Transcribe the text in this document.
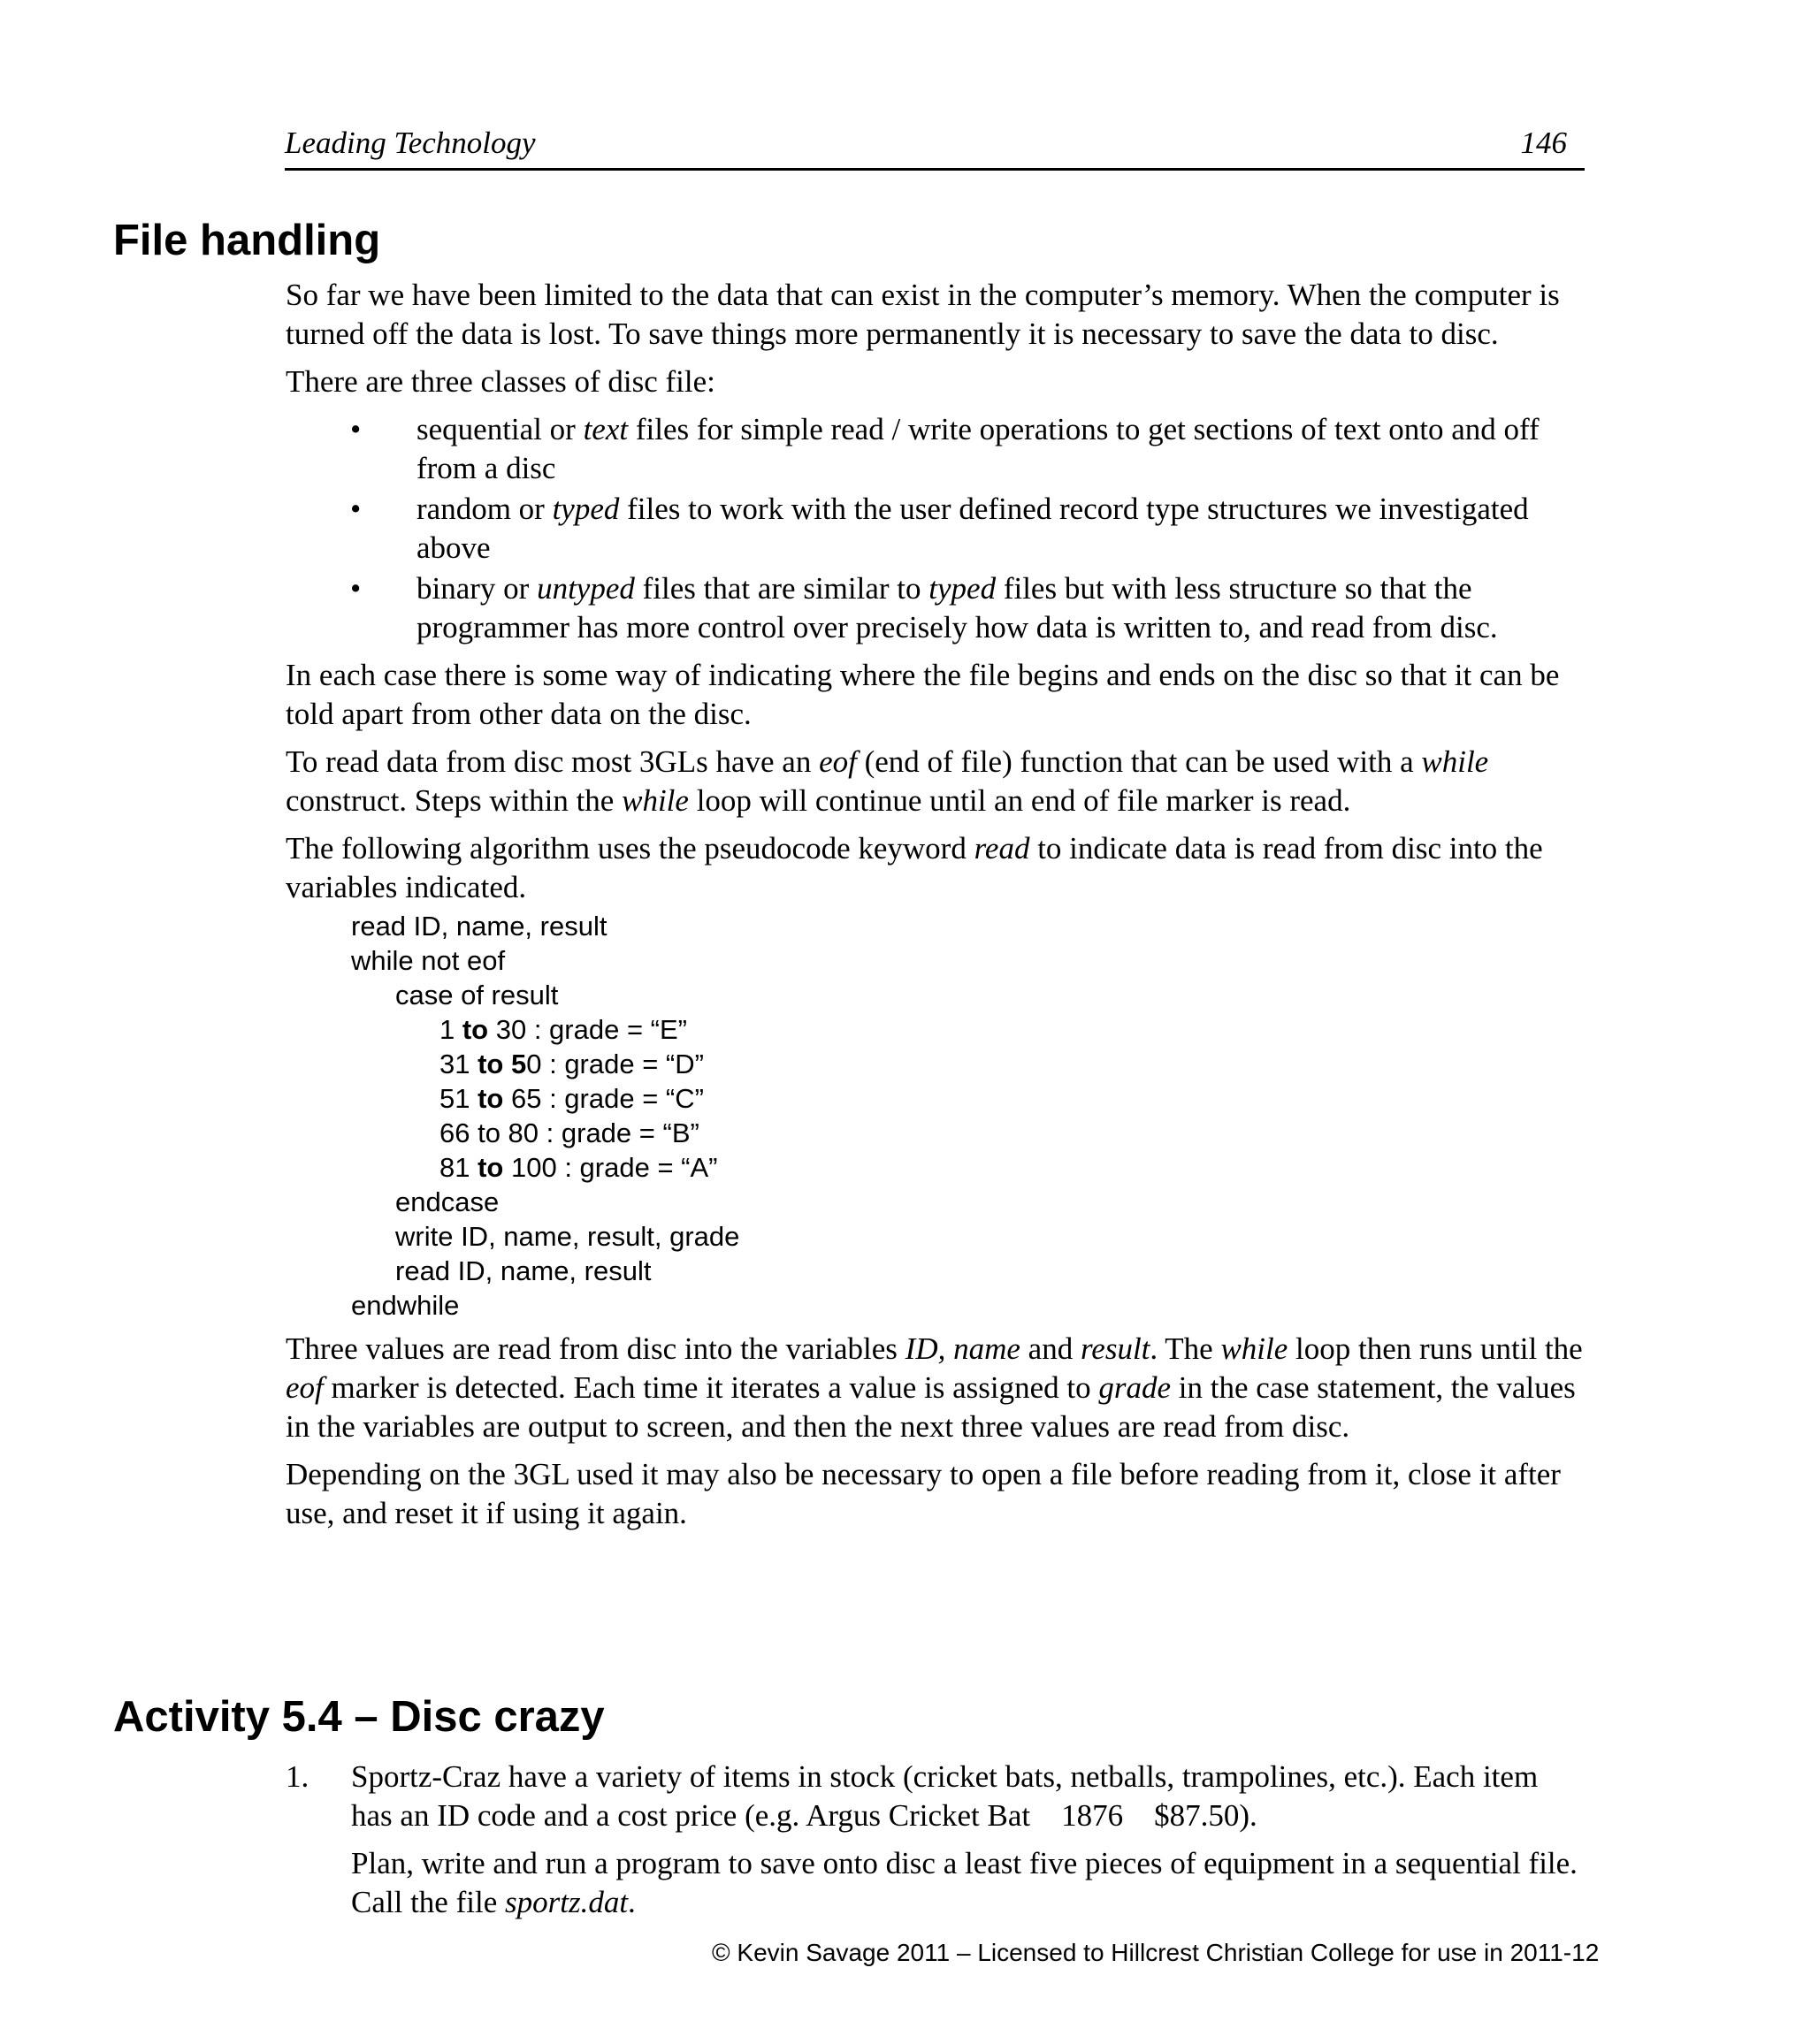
Leading Technology	146
File handling

So far we have been limited to the data that can exist in the computer’s memory. When the computer is turned off the data is lost. To save things more permanently it is necessary to save the data to disc.

There are three classes of disc file:

• sequential or text files for simple read / write operations to get sections of text onto and off from a disc
• random or typed files to work with the user defined record type structures we investigated above
• binary or untyped files that are similar to typed files but with less structure so that the programmer has more control over precisely how data is written to, and read from disc.

In each case there is some way of indicating where the file begins and ends on the disc so that it can be told apart from other data on the disc.

To read data from disc most 3GLs have an eof (end of file) function that can be used with a while construct. Steps within the while loop will continue until an end of file marker is read.

The following algorithm uses the pseudocode keyword read to indicate data is read from disc into the variables indicated.

read ID, name, result
while not eof
case of result
1 to 30 : grade = “E”
31 to 50 : grade = “D”
51 to 65 : grade = “C”
66 to 80 : grade = “B”
81 to 100 : grade = “A”
endcase
write ID, name, result, grade
read ID, name, result
endwhile

Three values are read from disc into the variables ID, name and result. The while loop then runs until the eof marker is detected. Each time it iterates a value is assigned to grade in the case statement, the values in the variables are output to screen, and then the next three values are read from disc.

Depending on the 3GL used it may also be necessary to open a file before reading from it, close it after use, and reset it if using it again.

Activity 5.4 – Disc crazy
1. Sportz-Craz have a variety of items in stock (cricket bats, netballs, trampolines, etc.). Each item has an ID code and a cost price (e.g. Argus Cricket Bat    1876    $87.50).

Plan, write and run a program to save onto disc a least five pieces of equipment in a sequential file. Call the file sportz.dat.

© Kevin Savage 2011 – Licensed to Hillcrest Christian College for use in 2011-12
